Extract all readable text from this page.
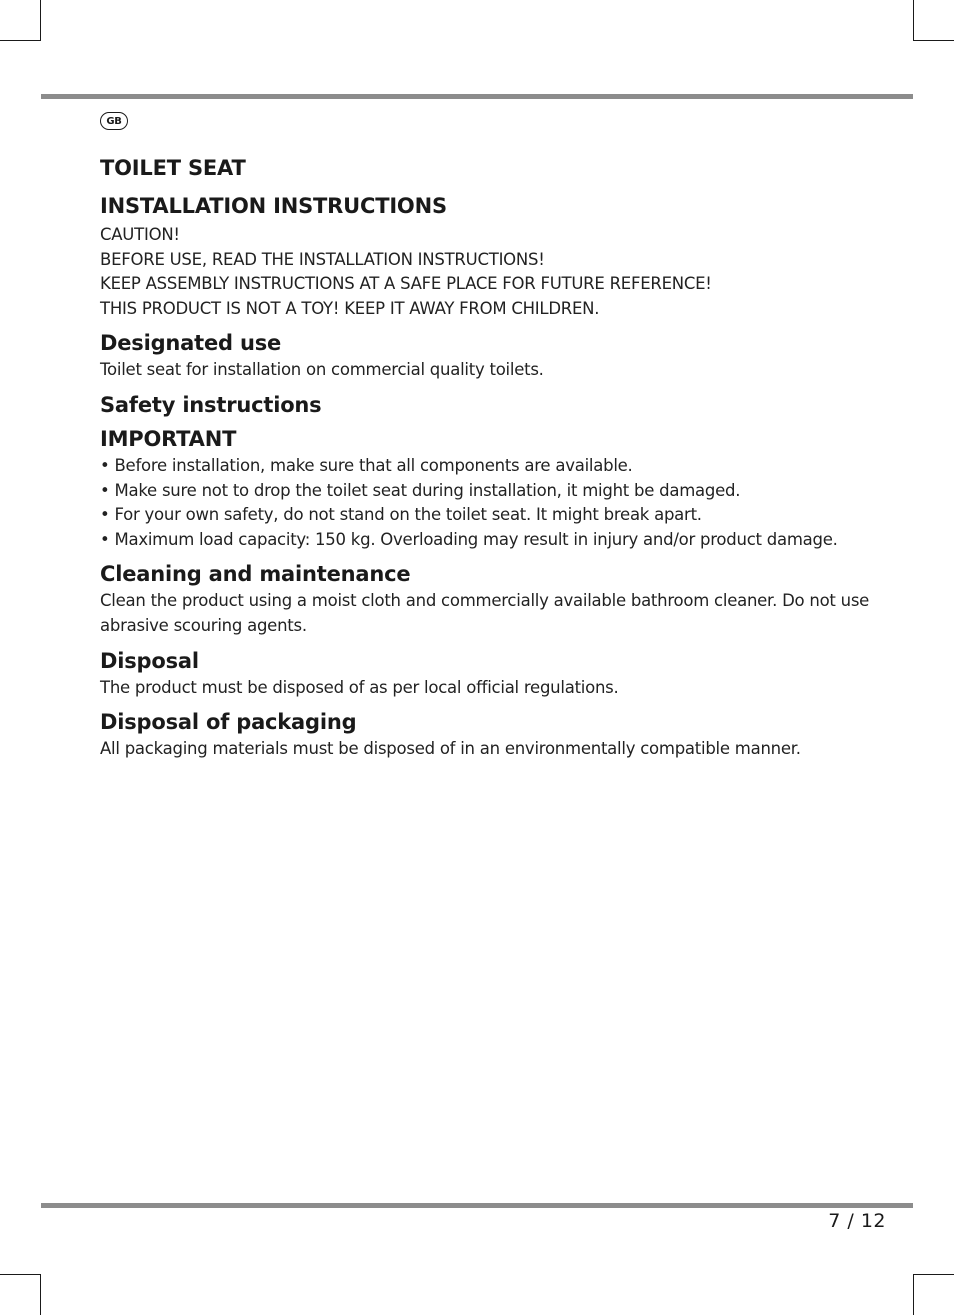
GB
TOILET SEAT
INSTALLATION INSTRUCTIONS

CAUTION!

BEFORE USE, READ THE INSTALLATION INSTRUCTIONS!

KEEP ASSEMBLY INSTRUCTIONS AT A SAFE PLACE FOR FUTURE REFERENCE!

THIS PRODUCT IS NOT A TOY! KEEP IT AWAY FROM CHILDREN.

Designated use

Toilet seat for installation on commercial quality toilets.

Safety instructions
IMPORTANT
• Before installation, make sure that all components are available.
• Make sure not to drop the toilet seat during installation, it might be damaged.
• For your own safety, do not stand on the toilet seat. It might break apart.
• Maximum load capacity: 150 kg. Overloading may result in injury and/or product damage.
Cleaning and maintenance

Clean the product using a moist cloth and commercially available bathroom cleaner. Do not use abrasive scouring agents.

Disposal

The product must be disposed of as per local official regulations.

Disposal of packaging

All packaging materials must be disposed of in an environmentally compatible manner.

7 / 12
